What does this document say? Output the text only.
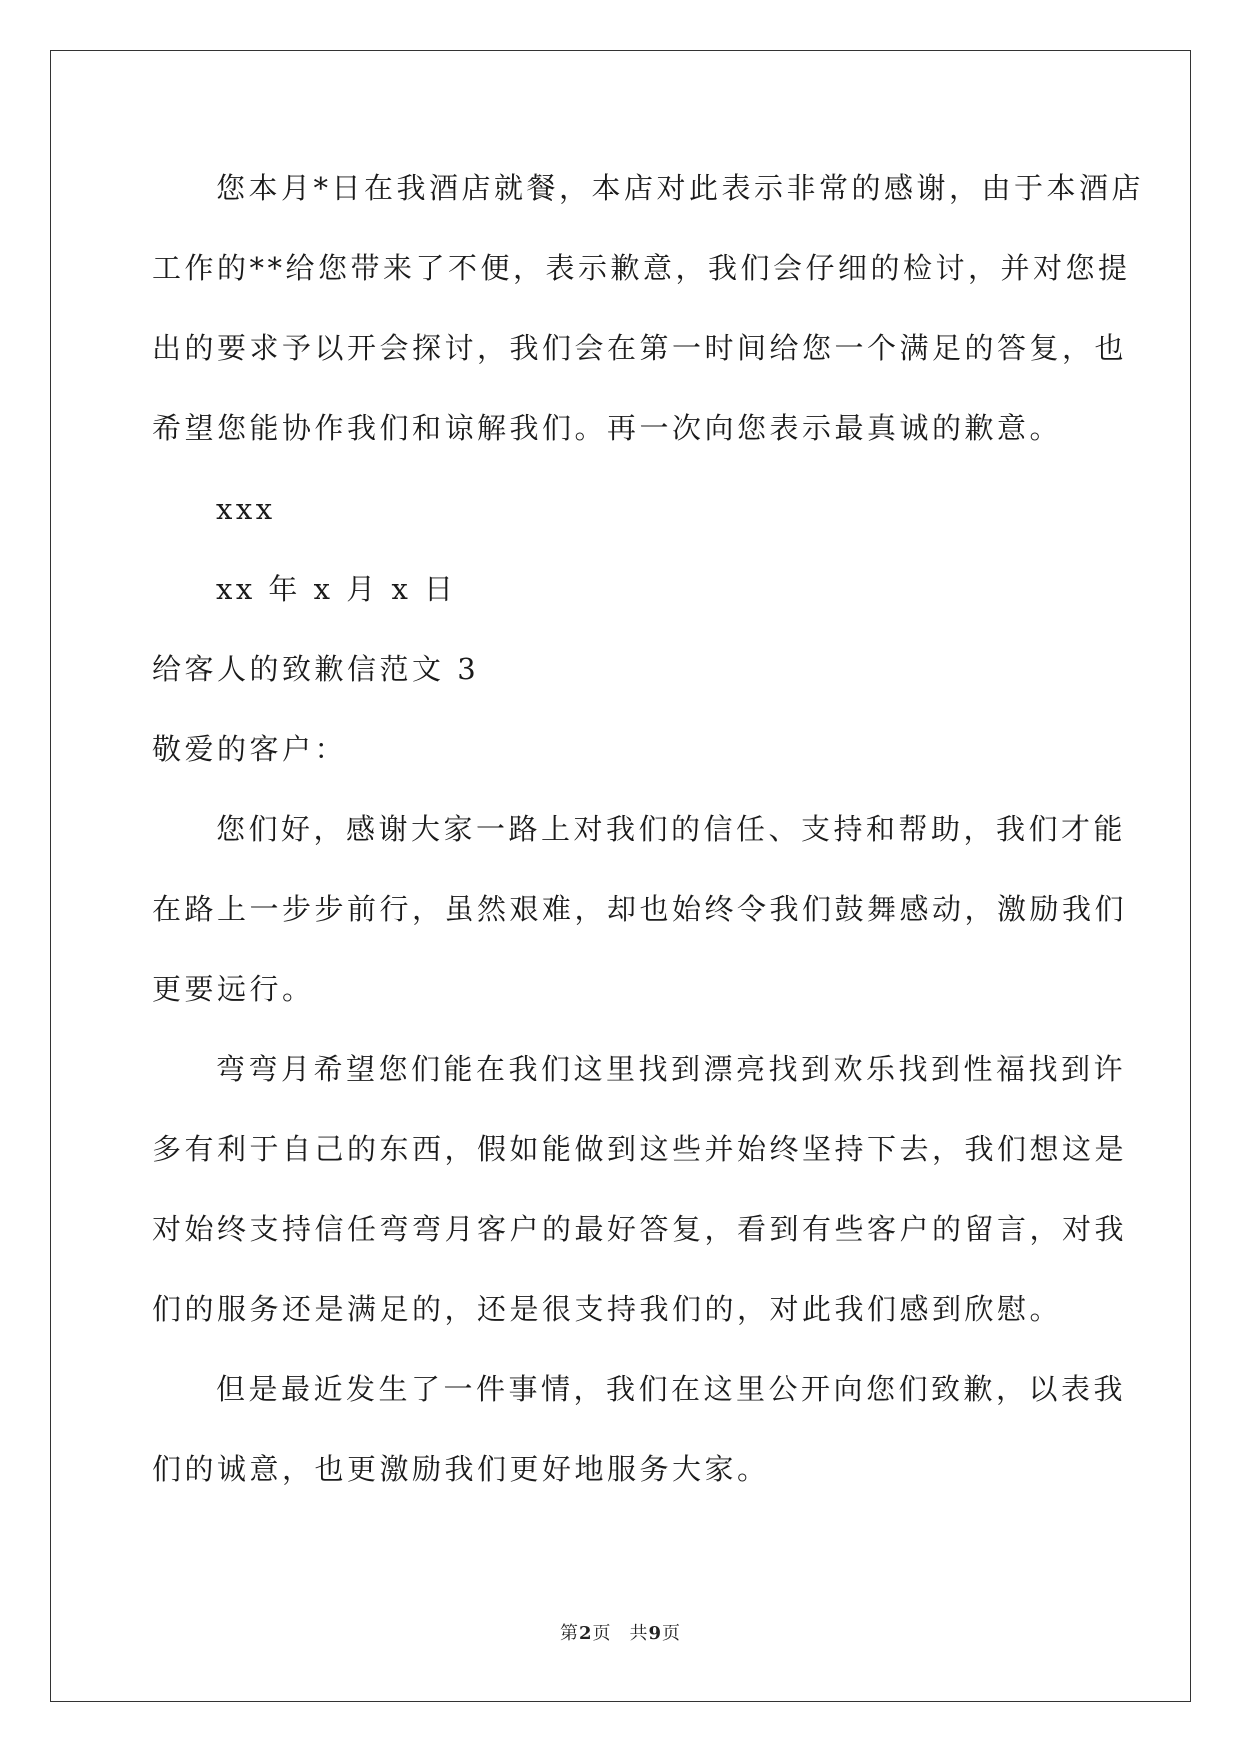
您本月*日在我酒店就餐，本店对此表示非常的感谢，由于本酒店
工作的**给您带来了不便，表示歉意，我们会仔细的检讨，并对您提
出的要求予以开会探讨，我们会在第一时间给您一个满足的答复，也
希望您能协作我们和谅解我们。再一次向您表示最真诚的歉意。
xxx
xx 年 x 月 x 日
给客人的致歉信范文 3
敬爱的客户：
您们好，感谢大家一路上对我们的信任、支持和帮助，我们才能
在路上一步步前行，虽然艰难，却也始终令我们鼓舞感动，激励我们
更要远行。
弯弯月希望您们能在我们这里找到漂亮找到欢乐找到性福找到许
多有利于自己的东西，假如能做到这些并始终坚持下去，我们想这是
对始终支持信任弯弯月客户的最好答复，看到有些客户的留言，对我
们的服务还是满足的，还是很支持我们的，对此我们感到欣慰。
但是最近发生了一件事情，我们在这里公开向您们致歉，以表我
们的诚意，也更激励我们更好地服务大家。
第2页 共9页
